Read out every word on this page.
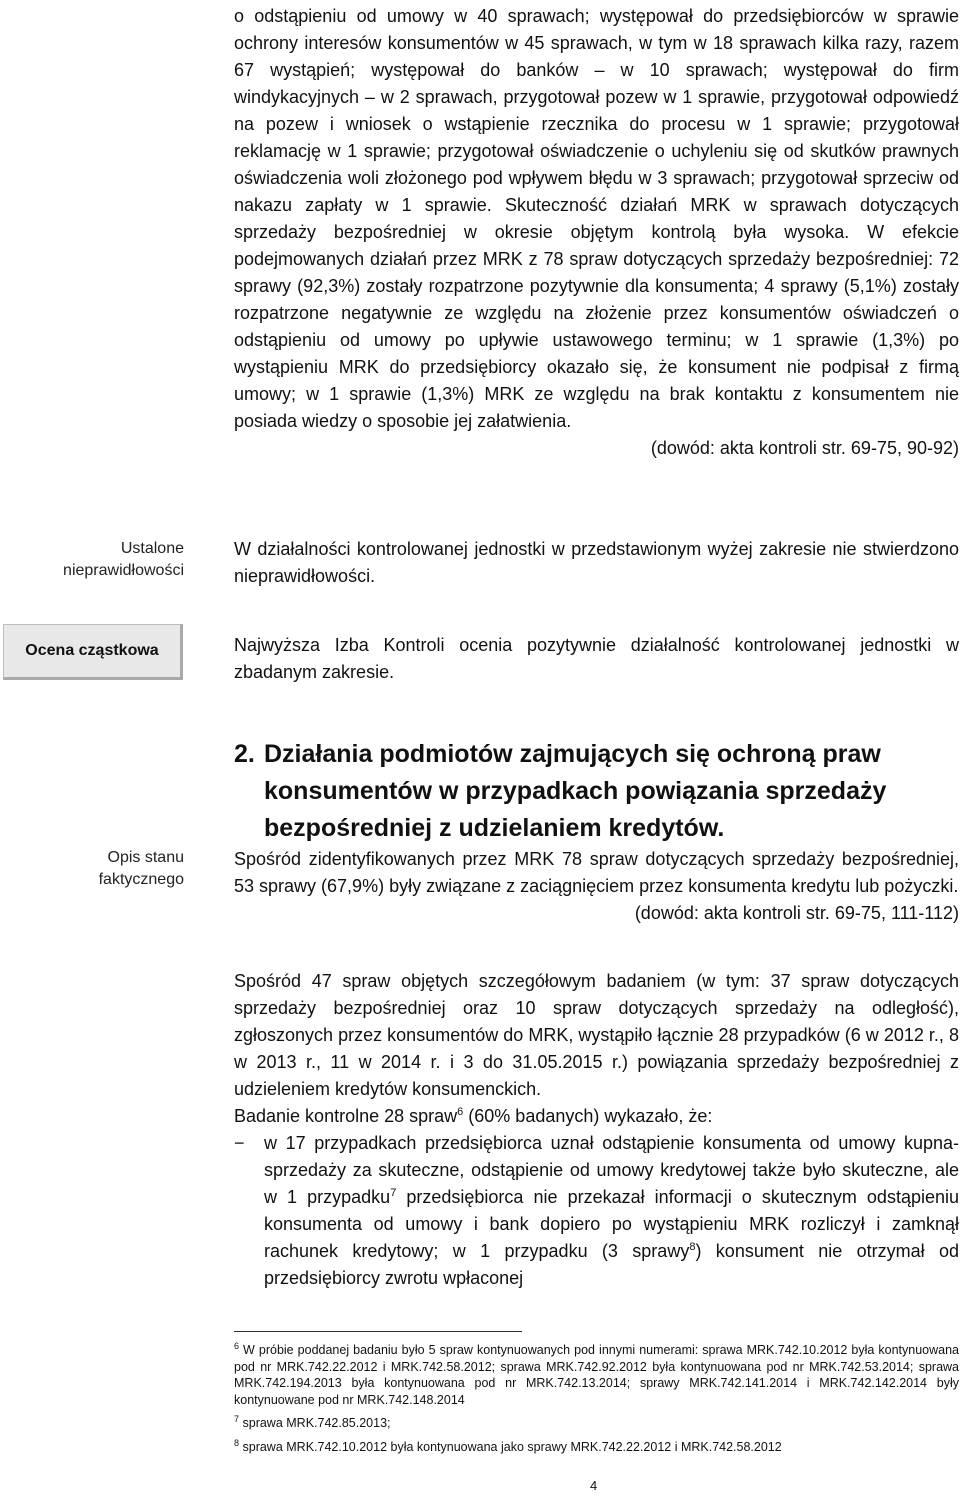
o odstąpieniu od umowy w 40 sprawach; występował do przedsiębiorców w sprawie ochrony interesów konsumentów w 45 sprawach, w tym w 18 sprawach kilka razy, razem 67 wystąpień; występował do banków – w 10 sprawach; występował do firm windykacyjnych – w 2 sprawach, przygotował pozew w 1 sprawie, przygotował odpowiedź na pozew i wniosek o wstąpienie rzecznika do procesu w 1 sprawie; przygotował reklamację w 1 sprawie; przygotował oświadczenie o uchyleniu się od skutków prawnych oświadczenia woli złożonego pod wpływem błędu w 3 sprawach; przygotował sprzeciw od nakazu zapłaty w 1 sprawie. Skuteczność działań MRK w sprawach dotyczących sprzedaży bezpośredniej w okresie objętym kontrolą była wysoka. W efekcie podejmowanych działań przez MRK z 78 spraw dotyczących sprzedaży bezpośredniej: 72 sprawy (92,3%) zostały rozpatrzone pozytywnie dla konsumenta; 4 sprawy (5,1%) zostały rozpatrzone negatywnie ze względu na złożenie przez konsumentów oświadczeń o odstąpieniu od umowy po upływie ustawowego terminu; w 1 sprawie (1,3%) po wystąpieniu MRK do przedsiębiorcy okazało się, że konsument nie podpisał z firmą umowy; w 1 sprawie (1,3%) MRK ze względu na brak kontaktu z konsumentem nie posiada wiedzy o sposobie jej załatwienia.

(dowód: akta kontroli str. 69-75, 90-92)

Ustalone
nieprawidłowości

W działalności kontrolowanej jednostki w przedstawionym wyżej zakresie nie stwierdzono nieprawidłowości.

Ocena cząstkowa	Najwyższa Izba Kontroli ocenia pozytywnie działalność kontrolowanej jednostki w zbadanym zakresie.

Opis stanu
faktycznego
2. Działania podmiotów zajmujących się ochroną praw
konsumentów w przypadkach powiązania sprzedaży
bezpośredniej z udzielaniem kredytów.

Spośród zidentyfikowanych przez MRK 78 spraw dotyczących sprzedaży bezpośredniej, 53 sprawy (67,9%) były związane z zaciągnięciem przez konsumenta kredytu lub pożyczki.

(dowód: akta kontroli str. 69-75, 111-112)

Spośród 47 spraw objętych szczegółowym badaniem (w tym: 37 spraw dotyczących sprzedaży bezpośredniej oraz 10 spraw dotyczących sprzedaży na odległość), zgłoszonych przez konsumentów do MRK, wystąpiło łącznie 28 przypadków (6 w 2012 r., 8 w 2013 r., 11 w 2014 r. i 3 do 31.05.2015 r.) powiązania sprzedaży bezpośredniej z udzieleniem kredytów konsumenckich.

Badanie kontrolne 28 spraw$^6$ (60% badanych) wykazało, że:

− w 17 przypadkach przedsiębiorca uznał odstąpienie konsumenta od umowy kupna-sprzedaży za skuteczne, odstąpienie od umowy kredytowej także było skuteczne, ale w 1 przypadku$^7$ przedsiębiorca nie przekazał informacji o skutecznym odstąpieniu konsumenta od umowy i bank dopiero po wystąpieniu MRK rozliczył i zamknął rachunek kredytowy; w 1 przypadku (3 sprawy$^8$) konsument nie otrzymał od przedsiębiorcy zwrotu wpłaconej

$^6$ W próbie poddanej badaniu było 5 spraw kontynuowanych pod innymi numerami: sprawa MRK.742.10.2012 była kontynuowana pod nr MRK.742.22.2012 i MRK.742.58.2012; sprawa MRK.742.92.2012 była kontynuowana pod nr MRK.742.53.2014; sprawa MRK.742.194.2013 była kontynuowana pod nr MRK.742.13.2014; sprawy MRK.742.141.2014 i MRK.742.142.2014 były kontynuowane pod nr MRK.742.148.2014

$^7$ sprawa MRK.742.85.2013;

$^8$ sprawa MRK.742.10.2012 była kontynuowana jako sprawy MRK.742.22.2012 i MRK.742.58.2012

4
